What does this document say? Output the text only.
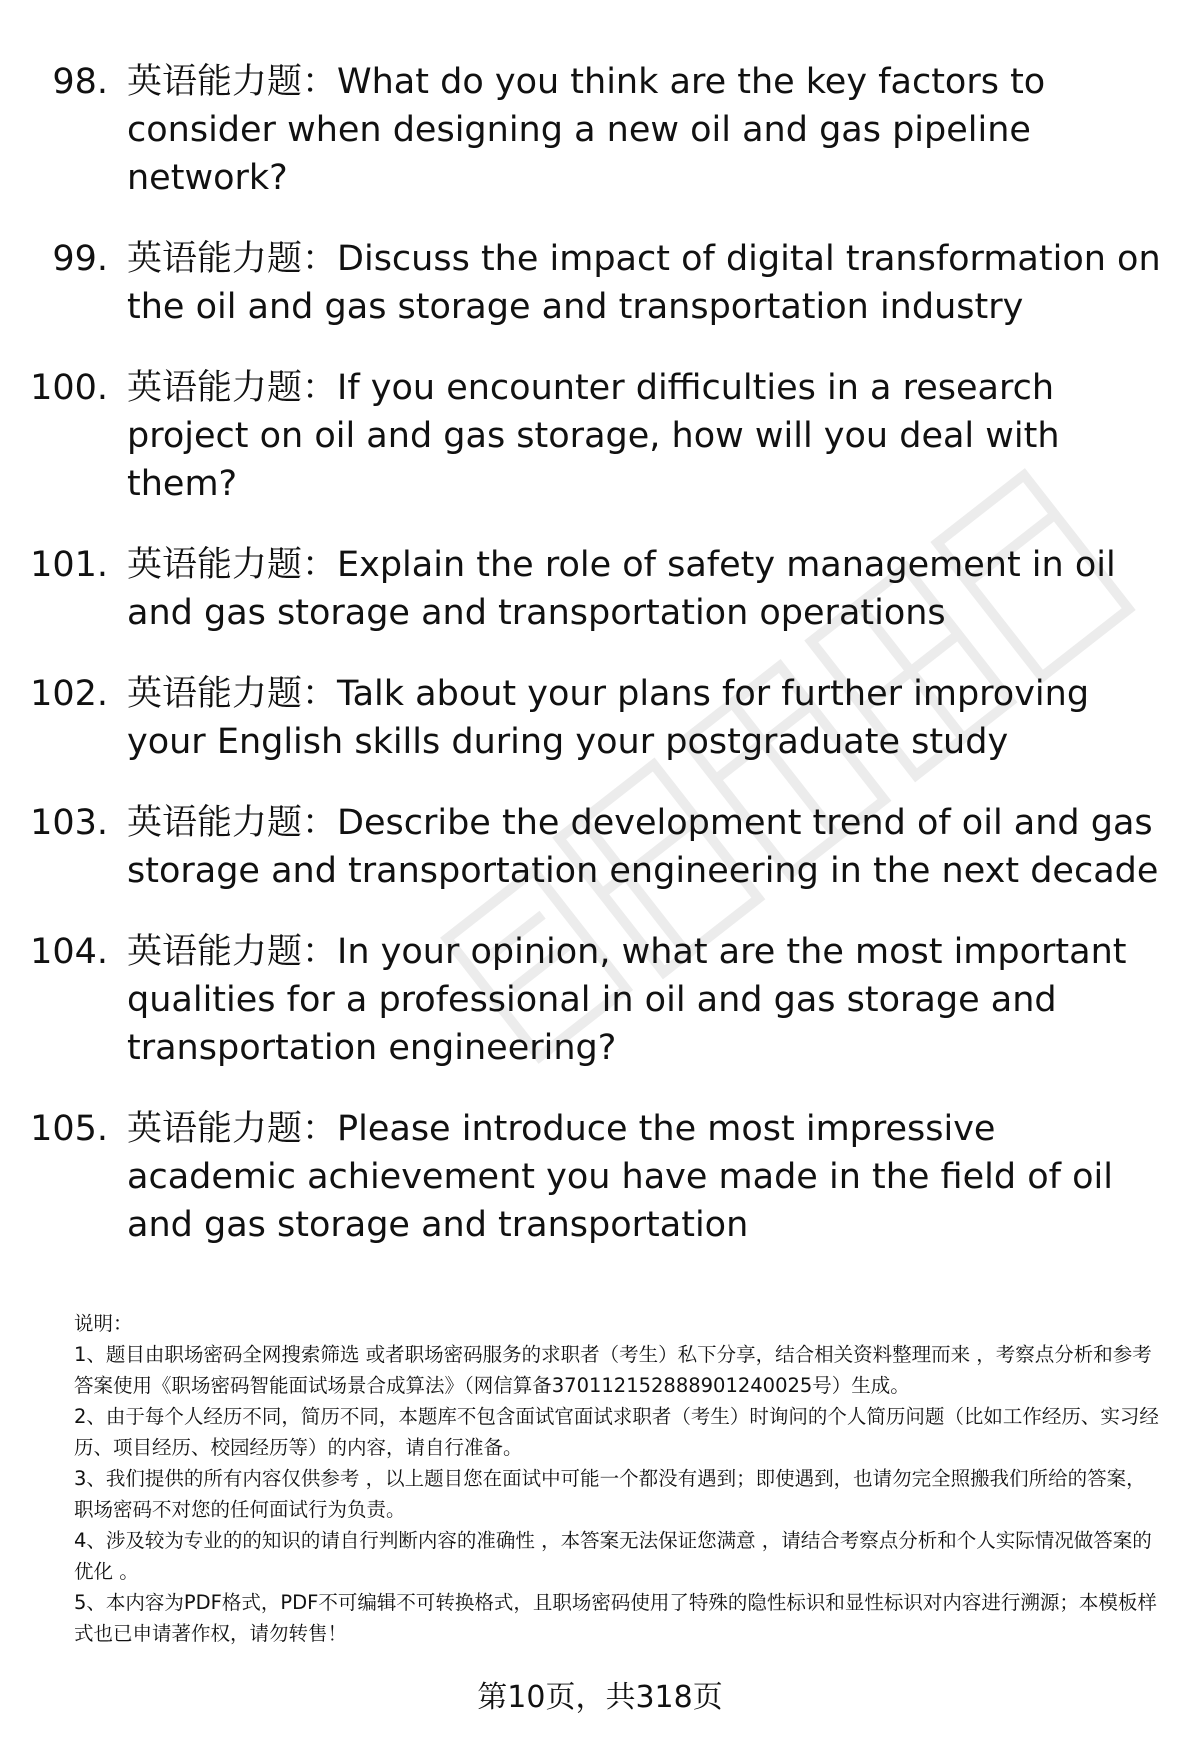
98. 英语能力题：What do you think are the key factors to consider when designing a new oil and gas pipeline network?
99. 英语能力题：Discuss the impact of digital transformation on the oil and gas storage and transportation industry
100. 英语能力题：If you encounter difficulties in a research project on oil and gas storage, how will you deal with them?
101. 英语能力题：Explain the role of safety management in oil and gas storage and transportation operations
102. 英语能力题：Talk about your plans for further improving your English skills during your postgraduate study
103. 英语能力题：Describe the development trend of oil and gas storage and transportation engineering in the next decade
104. 英语能力题：In your opinion, what are the most important qualities for a professional in oil and gas storage and transportation engineering?
105. 英语能力题：Please introduce the most impressive academic achievement you have made in the field of oil and gas storage and transportation

说明：

1、题目由职场密码全网搜索筛选 或者职场密码服务的求职者（考生）私下分享，结合相关资料整理而来 ，考察点分析和参考答案使用《职场密码智能面试场景合成算法》（网信算备370112152888901240025号）生成。

2、由于每个人经历不同，简历不同，本题库不包含面试官面试求职者（考生）时询问的个人简历问题（比如工作经历、实习经历、项目经历、校园经历等）的内容，请自行准备。

3、我们提供的所有内容仅供参考 ，以上题目您在面试中可能一个都没有遇到；即使遇到，也请勿完全照搬我们所给的答案，职场密码不对您的任何面试行为负责。

4、涉及较为专业的的知识的请自行判断内容的准确性 ，本答案无法保证您满意 ，请结合考察点分析和个人实际情况做答案的优化 。

5、本内容为PDF格式，PDF不可编辑不可转换格式，且职场密码使用了特殊的隐性标识和显性标识对内容进行溯源；本模板样式也已申请著作权，请勿转售！

第10页，共318页
